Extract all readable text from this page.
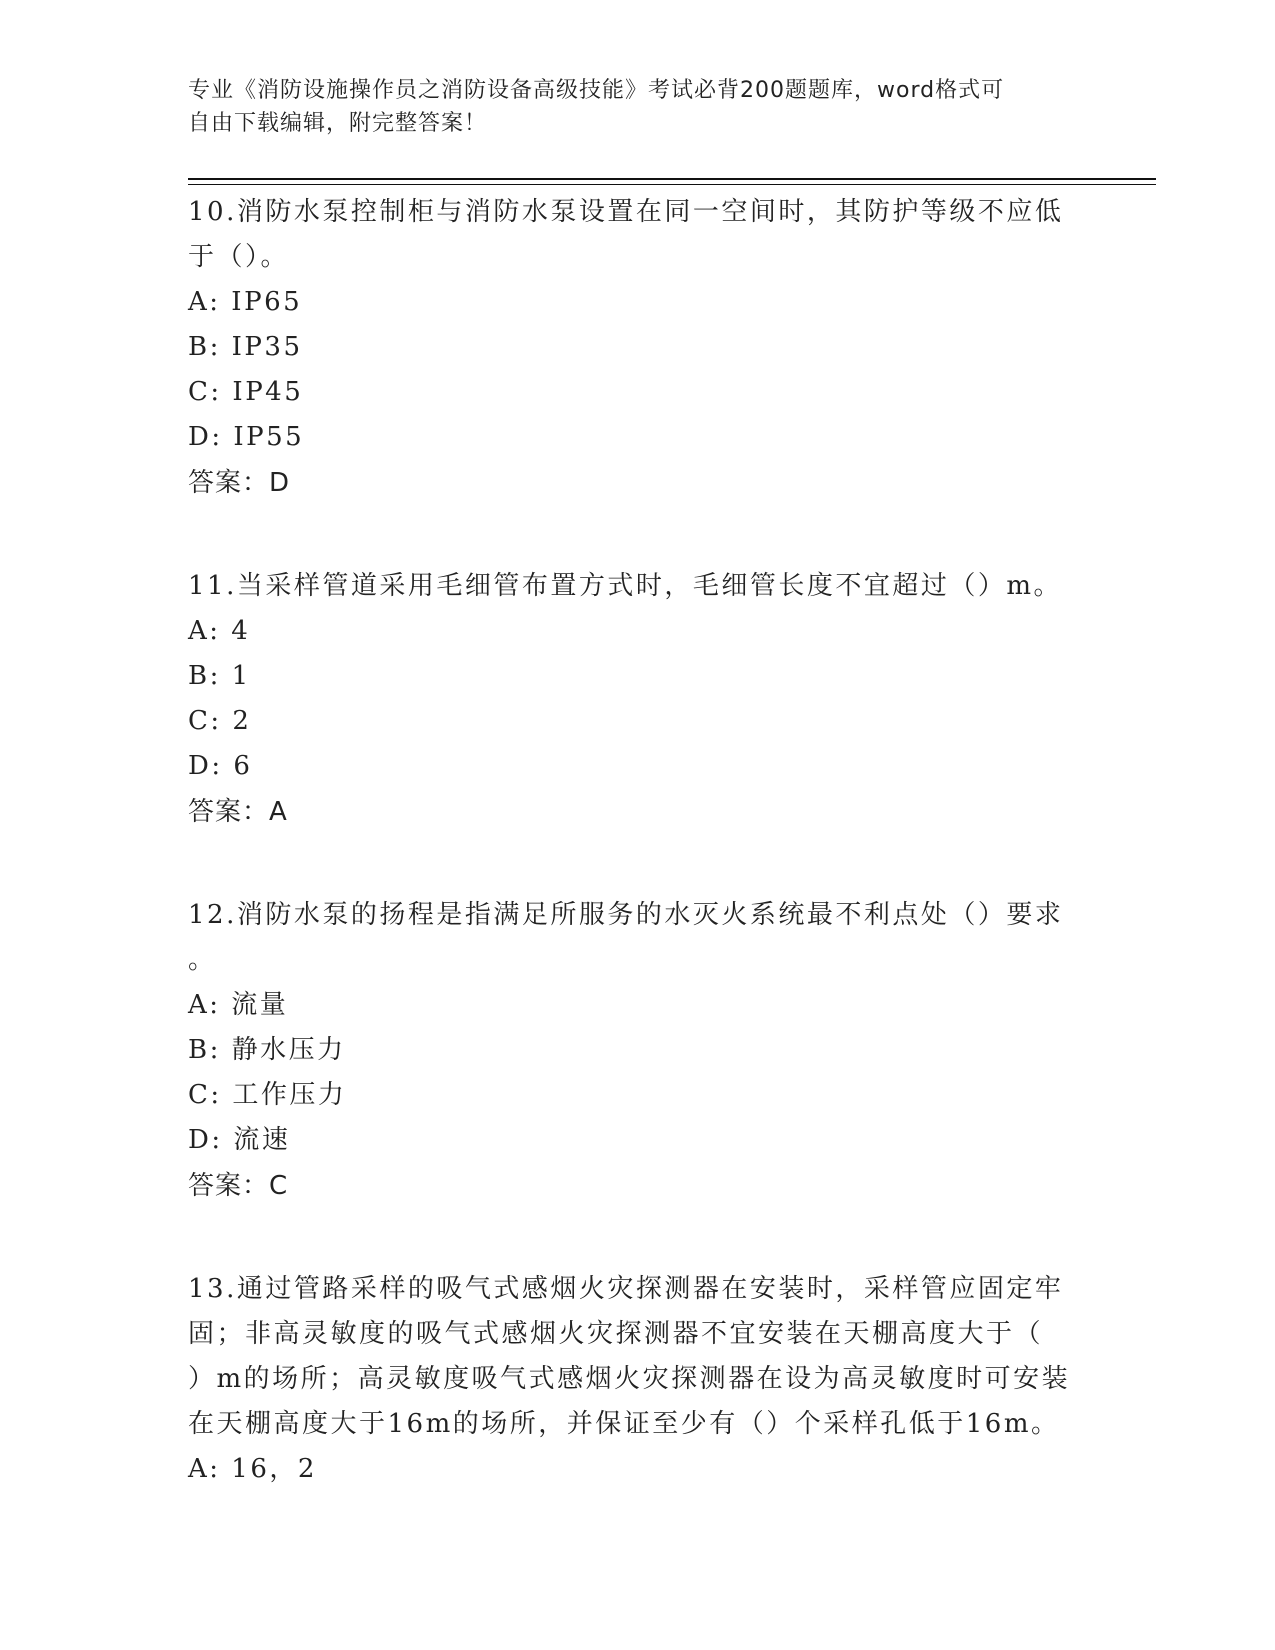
专业《消防设施操作员之消防设备高级技能》考试必背200题题库，word格式可
自由下载编辑，附完整答案！
10.消防水泵控制柜与消防水泵设置在同一空间时，其防护等级不应低
于（）。
A: IP65
B: IP35
C: IP45
D: IP55
答案：D
11.当采样管道采用毛细管布置方式时，毛细管长度不宜超过（）m。
A: 4
B: 1
C: 2
D: 6
答案：A
12.消防水泵的扬程是指满足所服务的水灭火系统最不利点处（）要求
。
A: 流量
B: 静水压力
C: 工作压力
D: 流速
答案：C
13.通过管路采样的吸气式感烟火灾探测器在安装时，采样管应固定牢
固；非高灵敏度的吸气式感烟火灾探测器不宜安装在天棚高度大于（
）m的场所；高灵敏度吸气式感烟火灾探测器在设为高灵敏度时可安装
在天棚高度大于16m的场所，并保证至少有（）个采样孔低于16m。
A: 16，2
